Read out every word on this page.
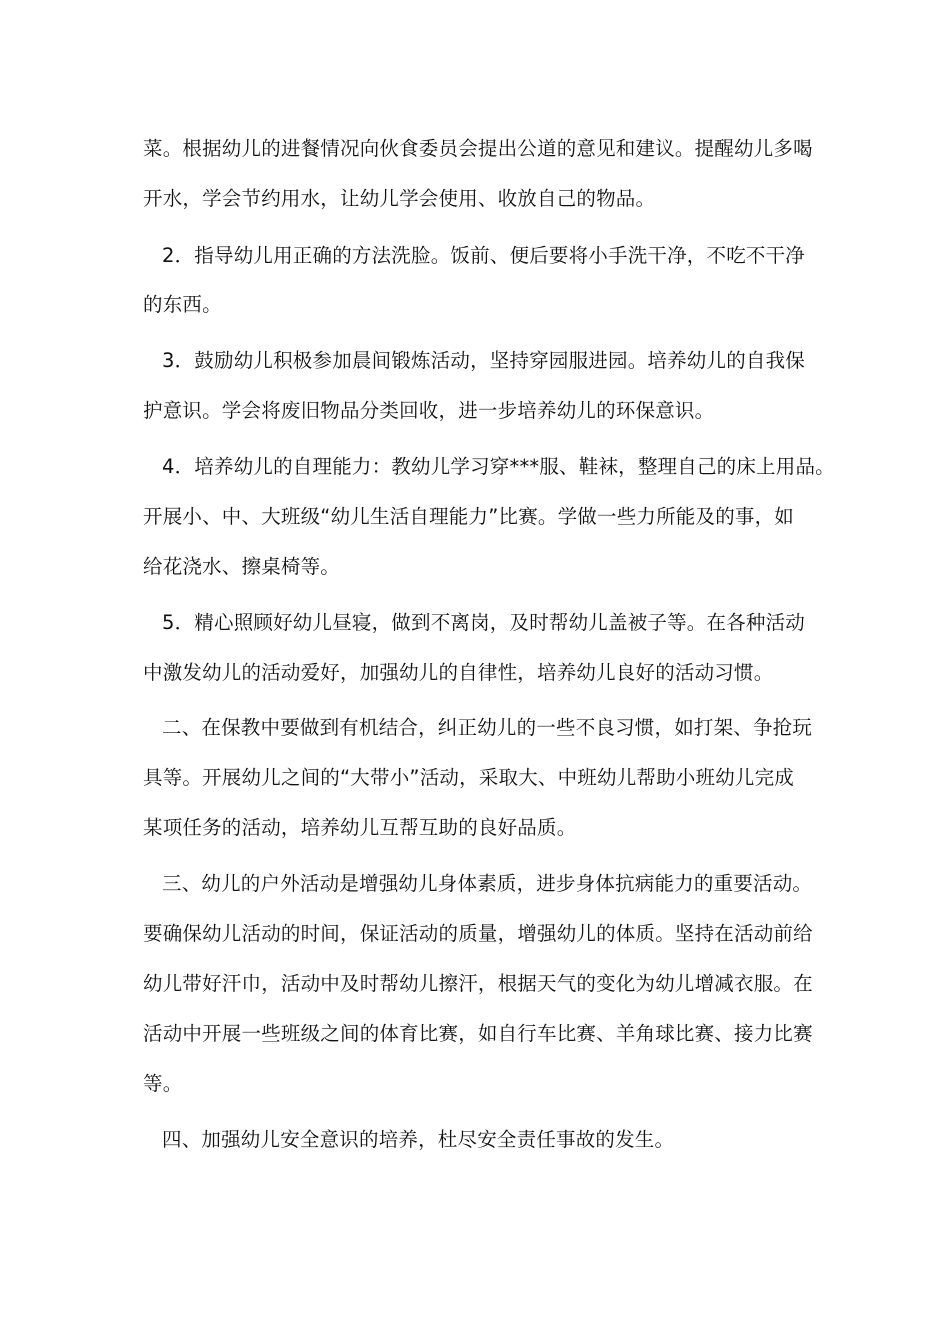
菜。根据幼儿的进餐情况向伙食委员会提出公道的意见和建议。提醒幼儿多喝
开水，学会节约用水，让幼儿学会使用、收放自己的物品。
2．指导幼儿用正确的方法洗脸。饭前、便后要将小手洗干净，不吃不干净
的东西。
3．鼓励幼儿积极参加晨间锻炼活动，坚持穿园服进园。培养幼儿的自我保
护意识。学会将废旧物品分类回收，进一步培养幼儿的环保意识。
4．培养幼儿的自理能力：教幼儿学习穿***服、鞋袜，整理自己的床上用品。
开展小、中、大班级“幼儿生活自理能力”比赛。学做一些力所能及的事，如
给花浇水、擦桌椅等。
5．精心照顾好幼儿昼寝，做到不离岗，及时帮幼儿盖被子等。在各种活动
中激发幼儿的活动爱好，加强幼儿的自律性，培养幼儿良好的活动习惯。
二、在保教中要做到有机结合，纠正幼儿的一些不良习惯，如打架、争抢玩
具等。开展幼儿之间的“大带小”活动，采取大、中班幼儿帮助小班幼儿完成
某项任务的活动，培养幼儿互帮互助的良好品质。
三、幼儿的户外活动是增强幼儿身体素质，进步身体抗病能力的重要活动。
要确保幼儿活动的时间，保证活动的质量，增强幼儿的体质。坚持在活动前给
幼儿带好汗巾，活动中及时帮幼儿擦汗，根据天气的变化为幼儿增减衣服。在
活动中开展一些班级之间的体育比赛，如自行车比赛、羊角球比赛、接力比赛
等。
四、加强幼儿安全意识的培养，杜尽安全责任事故的发生。
